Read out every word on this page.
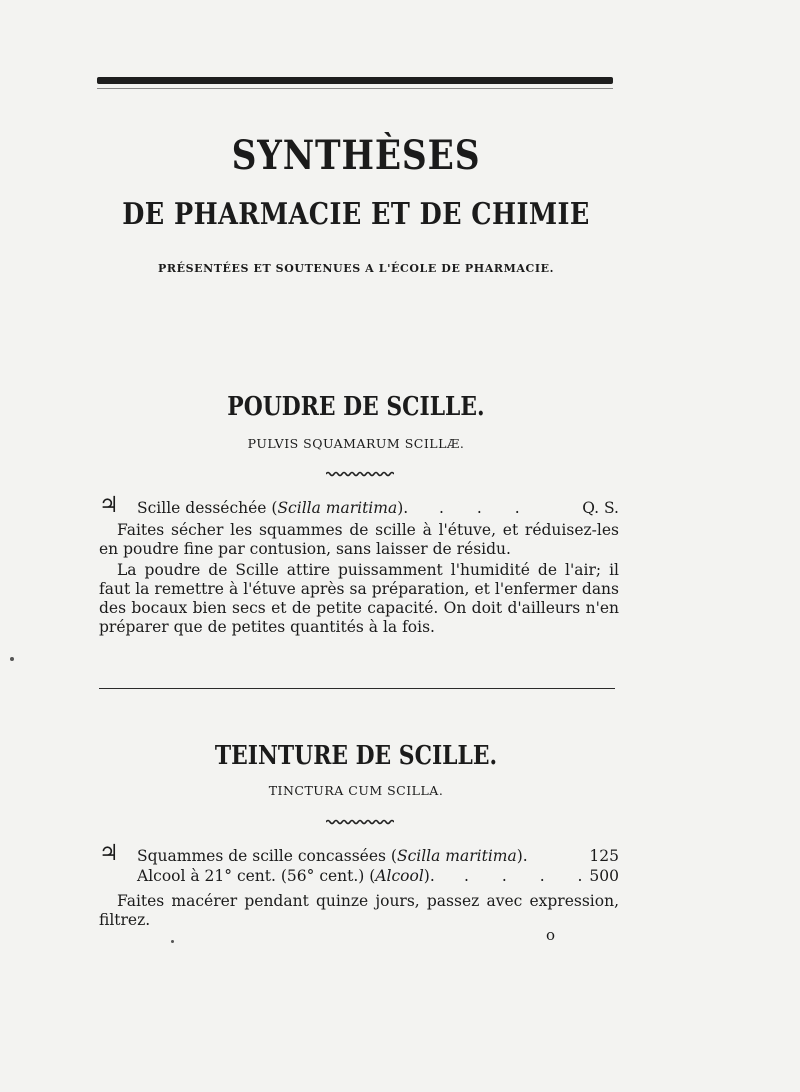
SYNTHÈSES
DE PHARMACIE ET DE CHIMIE
PRÉSENTÉES ET SOUTENUES A L'ÉCOLE DE PHARMACIE.
POUDRE DE SCILLE.
PULVIS SQUAMARUM SCILLÆ.
♃ Scille desséchée (Scilla maritima). . . .	Q. S.
Faites sécher les squammes de scille à l'étuve, et réduisez-les en poudre fine par contusion, sans laisser de résidu.
La poudre de Scille attire puissamment l'humidité de l'air; il faut la remettre à l'étuve après sa préparation, et l'enfermer dans des bocaux bien secs et de petite capacité. On doit d'ailleurs n'en préparer que de petites quantités à la fois.
TEINTURE DE SCILLE.
TINCTURA CUM SCILLA.
♃ Squammes de scille concassées (Scilla maritima).	125
Alcool à 21° cent. (56° cent.) (Alcool). . . . .
500
Faites macérer pendant quinze jours, passez avec expression, filtrez.
o
